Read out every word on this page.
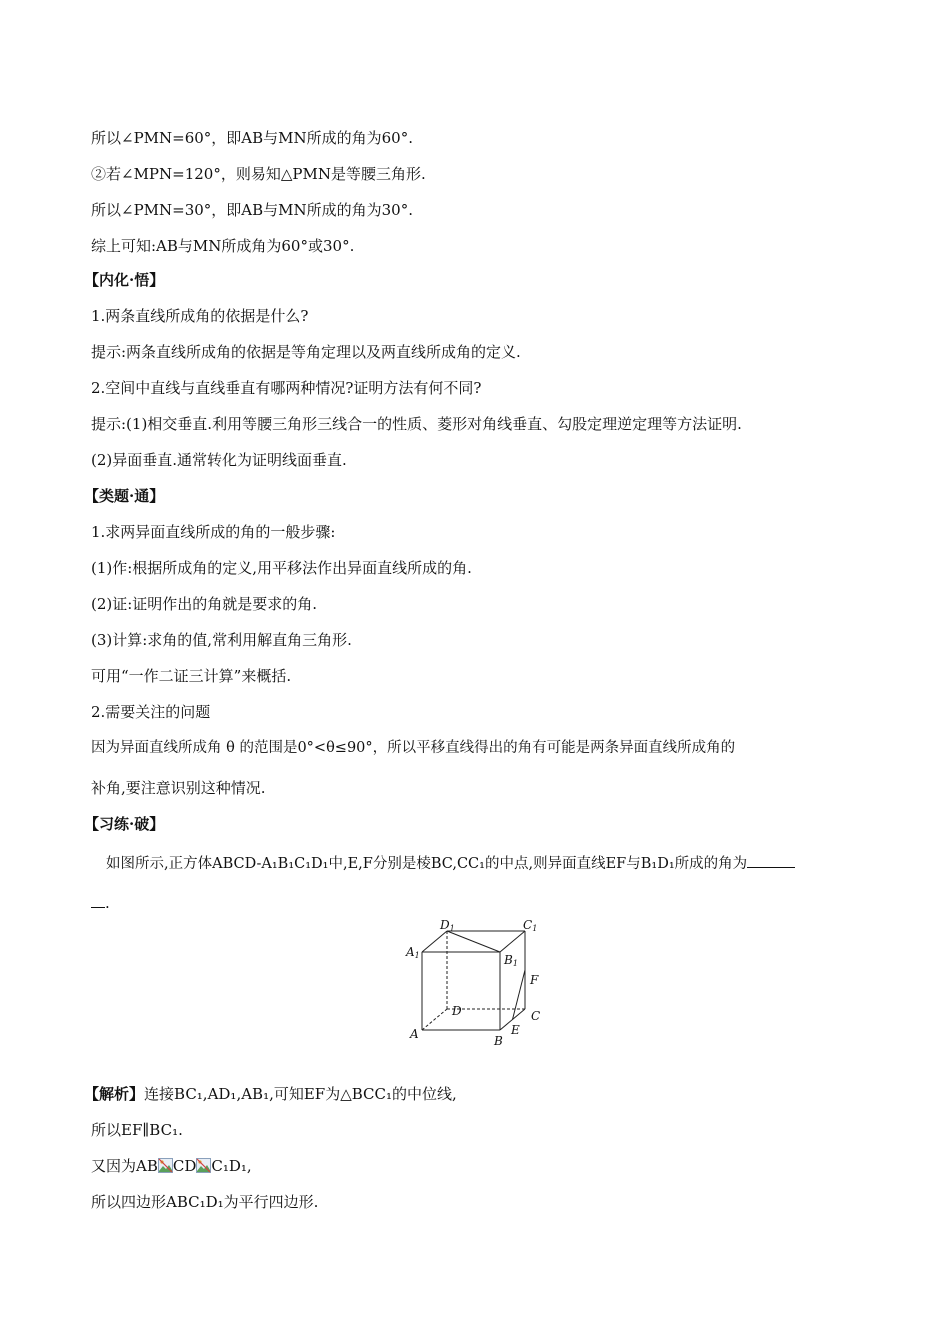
所以∠PMN=60°，即AB与MN所成的角为60°.
②若∠MPN=120°，则易知△PMN是等腰三角形.
所以∠PMN=30°，即AB与MN所成的角为30°.
综上可知:AB与MN所成角为60°或30°.
【内化·悟】
1.两条直线所成角的依据是什么?
提示:两条直线所成角的依据是等角定理以及两直线所成角的定义.
2.空间中直线与直线垂直有哪两种情况?证明方法有何不同?
提示:(1)相交垂直.利用等腰三角形三线合一的性质、菱形对角线垂直、勾股定理逆定理等方法证明.
(2)异面垂直.通常转化为证明线面垂直.
【类题·通】
1.求两异面直线所成的角的一般步骤:
(1)作:根据所成角的定义,用平移法作出异面直线所成的角.
(2)证:证明作出的角就是要求的角.
(3)计算:求角的值,常利用解直角三角形.
可用“一作二证三计算”来概括.
2.需要关注的问题
因为异面直线所成角 θ 的范围是0°<θ≤90°，所以平移直线得出的角有可能是两条异面直线所成角的
补角,要注意识别这种情况.
【习练·破】
如图所示,正方体ABCD-A₁B₁C₁D₁中,E,F分别是棱BC,CC₁的中点,则异面直线EF与B₁D₁所成的角为
.
D1	C1
A1	B1
F
D	C
E
A	B
【解析】连接BC₁,AD₁,AB₁,可知EF为△BCC₁的中位线,
所以EF∥BC₁.
又因为AB CD C₁D₁,
所以四边形ABC₁D₁为平行四边形.
